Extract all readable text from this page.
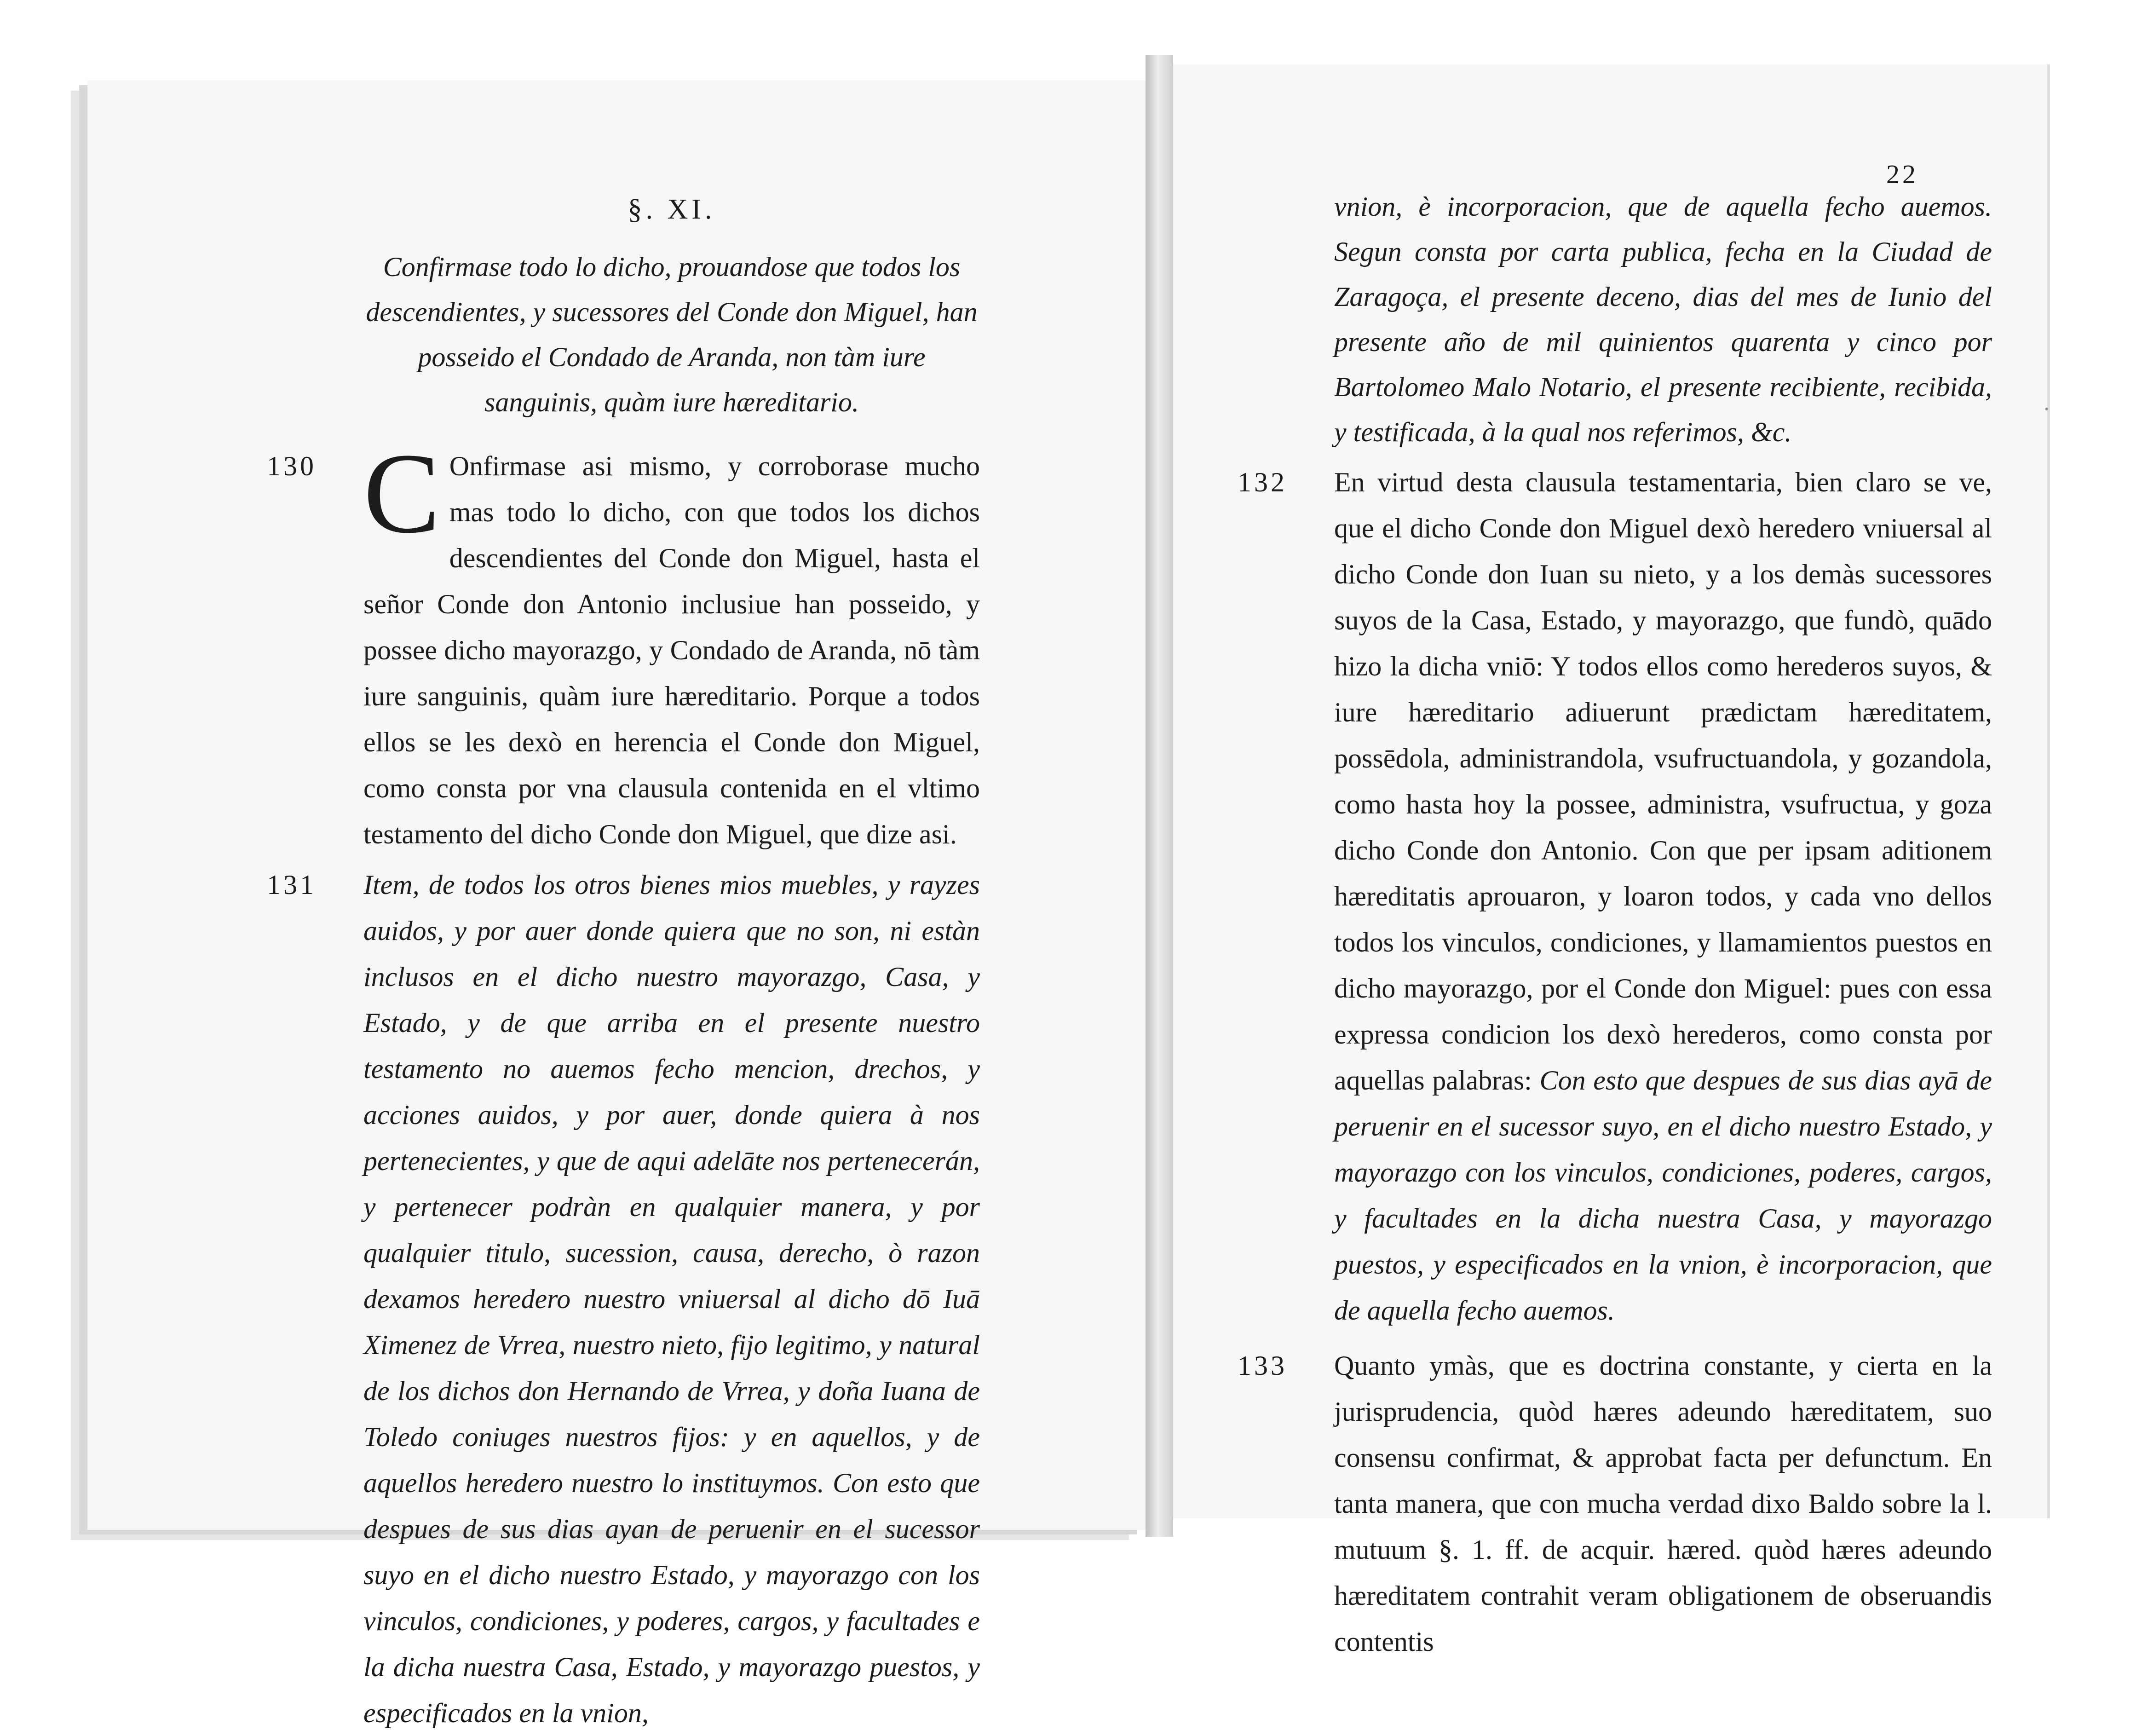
·
§. XI.
Confirmase todo lo dicho, prouandose que todos los descendientes, y sucessores del Conde don Miguel, han posseido el Condado de Aranda, non tàm iure sanguinis, quàm iure hæreditario.
130 C Onfirmase asi mismo, y corroborase mucho mas todo lo dicho, con que todos los dichos descendientes del Conde don Miguel, hasta el señor Conde don Antonio inclusiue han posseido, y possee dicho mayorazgo, y Condado de Aranda, nō tàm iure sanguinis, quàm iure hæreditario. Porque a todos ellos se les dexò en herencia el Conde don Miguel, como consta por vna clausula contenida en el vltimo testamento del dicho Conde don Miguel, que dize asi.
131 Item, de todos los otros bienes mios muebles, y rayzes auidos, y por auer donde quiera que no son, ni estàn inclusos en el dicho nuestro mayorazgo, Casa, y Estado, y de que arriba en el presente nuestro testamento no auemos fecho mencion, drechos, y acciones auidos, y por auer, donde quiera à nos pertenecientes, y que de aqui adelāte nos pertenecerán, y pertenecer podràn en qualquier manera, y por qualquier titulo, sucession, causa, derecho, ò razon dexamos heredero nuestro vniuersal al dicho dō Iuā Ximenez de Vrrea, nuestro nieto, fijo legitimo, y natural de los dichos don Hernando de Vrrea, y doña Iuana de Toledo coniuges nuestros fijos: y en aquellos, y de aquellos heredero nuestro lo instituymos. Con esto que despues de sus dias ayan de peruenir en el sucessor suyo en el dicho nuestro Estado, y mayorazgo con los vinculos, condiciones, y poderes, cargos, y facultades e la dicha nuestra Casa, Estado, y mayorazgo puestos, y especificados en la vnion,
22
vnion, è incorporacion, que de aquella fecho auemos. Segun consta por carta publica, fecha en la Ciudad de Zaragoça, el presente deceno, dias del mes de Iunio del presente año de mil quinientos quarenta y cinco por Bartolomeo Malo Notario, el presente recibiente, recibida, y testificada, à la qual nos referimos, &c.
132 En virtud desta clausula testamentaria, bien claro se ve, que el dicho Conde don Miguel dexò heredero vniuersal al dicho Conde don Iuan su nieto, y a los demàs sucessores suyos de la Casa, Estado, y mayorazgo, que fundò, quādo hizo la dicha vniō: Y todos ellos como herederos suyos, & iure hæreditario adiuerunt prædictam hæreditatem, possēdola, administrandola, vsufructuandola, y gozandola, como hasta hoy la possee, administra, vsufructua, y goza dicho Conde don Antonio. Con que per ipsam aditionem hæreditatis aprouaron, y loaron todos, y cada vno dellos todos los vinculos, condiciones, y llamamientos puestos en dicho mayorazgo, por el Conde don Miguel: pues con essa expressa condicion los dexò herederos, como consta por aquellas palabras: Con esto que despues de sus dias ayā de peruenir en el sucessor suyo, en el dicho nuestro Estado, y mayorazgo con los vinculos, condiciones, poderes, cargos, y facultades en la dicha nuestra Casa, y mayorazgo puestos, y especificados en la vnion, è incorporacion, que de aquella fecho auemos.
133 Quanto ymàs, que es doctrina constante, y cierta en la jurisprudencia, quòd hæres adeundo hæreditatem, suo consensu confirmat, & approbat facta per defunctum. En tanta manera, que con mucha verdad dixo Baldo sobre la l. mutuum §. 1. ff. de acquir. hæred. quòd hæres adeundo hæreditatem contrahit veram obligationem de obseruandis contentis
